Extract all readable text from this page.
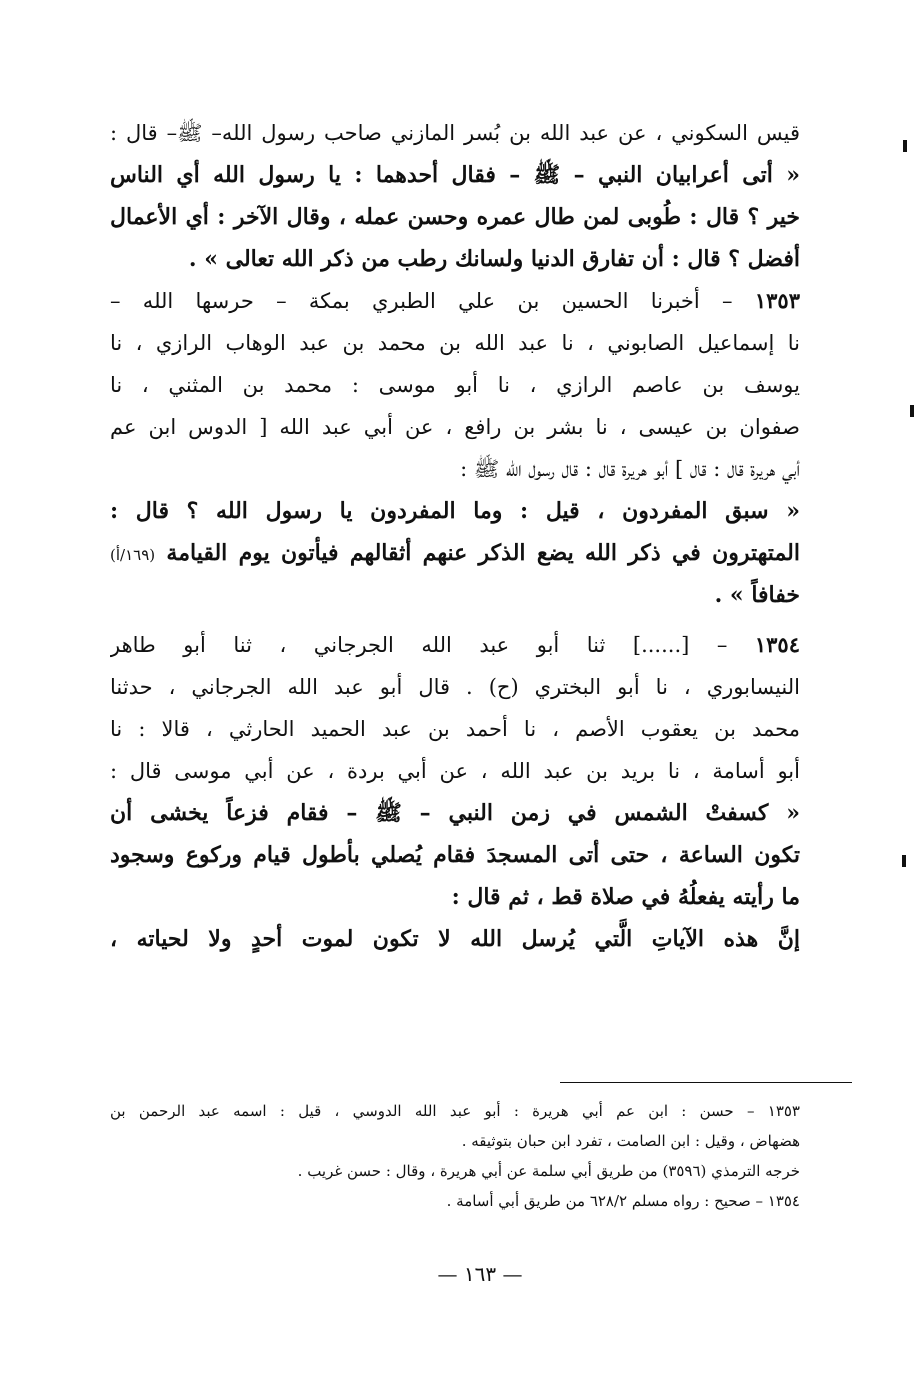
قيس السكوني ، عن عبد الله بن بُسر المازني صاحب رسول الله– ﷺ– قال :
« أتى أعرابيان النبي – ﷺ – فقال أحدهما : يا رسول الله أي الناس
خير ؟ قال : طُوبى لمن طال عمره وحسن عمله ، وقال الآخر : أي الأعمال
أفضل ؟ قال : أن تفارق الدنيا ولسانك رطب من ذكر الله تعالى » .
١٣٥٣ – أخبرنا الحسين بن علي الطبري بمكة – حرسها الله –
نا إسماعيل الصابوني ، نا عبد الله بن محمد بن عبد الوهاب الرازي ، نا
يوسف بن عاصم الرازي ، نا أبو موسى : محمد بن المثني ، نا
صفوان بن عيسى ، نا بشر بن رافع ، عن أبي عبد الله [ الدوس ابن عم
أبي هريرة قال : قال ] أبو هريرة قال : قال رسول الله ﷺ :
« سبق المفردون ، قيل : وما المفردون يا رسول الله ؟ قال :
المتهترون في ذكر الله يضع الذكر عنهم أثقالهم فيأتون يوم القيامة (١٦٩/أ)
خفافاً » .
١٣٥٤ – [......] ثنا أبو عبد الله الجرجاني ، ثنا أبو طاهر
النيسابوري ، نا أبو البختري (ح) . قال أبو عبد الله الجرجاني ، حدثنا
محمد بن يعقوب الأصم ، نا أحمد بن عبد الحميد الحارثي ، قالا : نا
أبو أسامة ، نا بريد بن عبد الله ، عن أبي بردة ، عن أبي موسى قال :
« كسفتْ الشمس في زمن النبي – ﷺ – فقام فزعاً يخشى أن
تكون الساعة ، حتى أتى المسجدَ فقام يُصلي بأطول قيام وركوع وسجود
ما رأيته يفعلُهُ في صلاة قط ، ثم قال :
إنَّ هذه الآياتِ الَّتي يُرسل الله لا تكون لموت أحدٍ ولا لحياته ،
١٣٥٣ – حسن : ابن عم أبي هريرة : أبو عبد الله الدوسي ، قيل : اسمه عبد الرحمن بن
هضهاض ، وقيل : ابن الصامت ، تفرد ابن حبان بتوثيقه .
خرجه الترمذي (٣٥٩٦) من طريق أبي سلمة عن أبي هريرة ، وقال : حسن غريب .
١٣٥٤ – صحيح : رواه مسلم ٦٢٨/٢ من طريق أبي أسامة .
— ١٦٣ —
